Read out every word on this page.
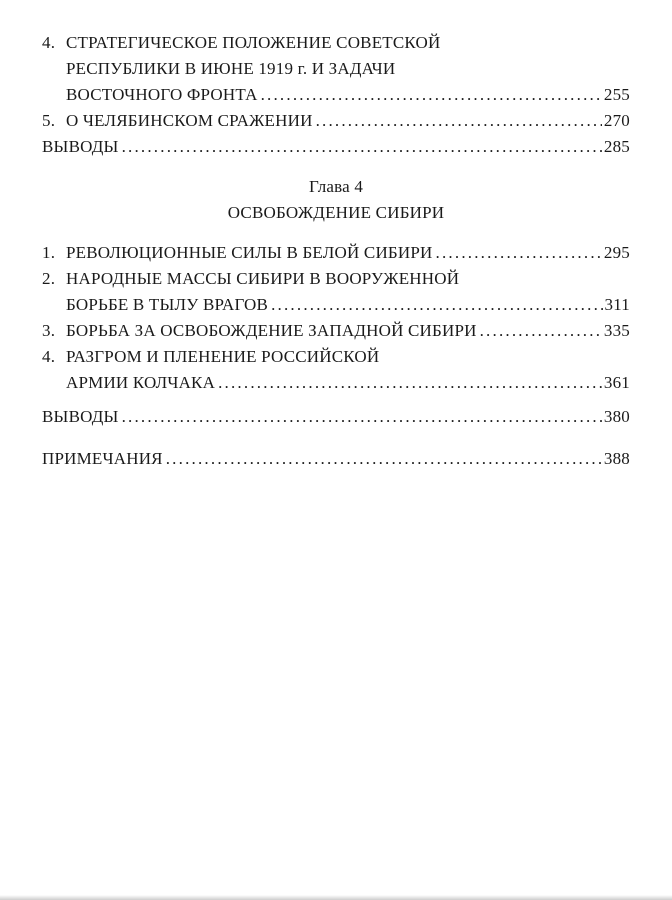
4. СТРАТЕГИЧЕСКОЕ ПОЛОЖЕНИЕ СОВЕТСКОЙ
РЕСПУБЛИКИ В ИЮНЕ 1919 г. И ЗАДАЧИ
ВОСТОЧНОГО ФРОНТА .....	255
5. О ЧЕЛЯБИНСКОМ СРАЖЕНИИ .....	270
ВЫВОДЫ .....	285
Глава 4
ОСВОБОЖДЕНИЕ СИБИРИ
1. РЕВОЛЮЦИОННЫЕ СИЛЫ В БЕЛОЙ СИБИРИ .....	295
2. НАРОДНЫЕ МАССЫ СИБИРИ В ВООРУЖЕННОЙ
БОРЬБЕ В ТЫЛУ ВРАГОВ .....	311
3. БОРЬБА ЗА ОСВОБОЖДЕНИЕ ЗАПАДНОЙ СИБИРИ .....	335
4. РАЗГРОМ И ПЛЕНЕНИЕ РОССИЙСКОЙ
АРМИИ КОЛЧАКА .....	361
ВЫВОДЫ .....	380
ПРИМЕЧАНИЯ .....	388
